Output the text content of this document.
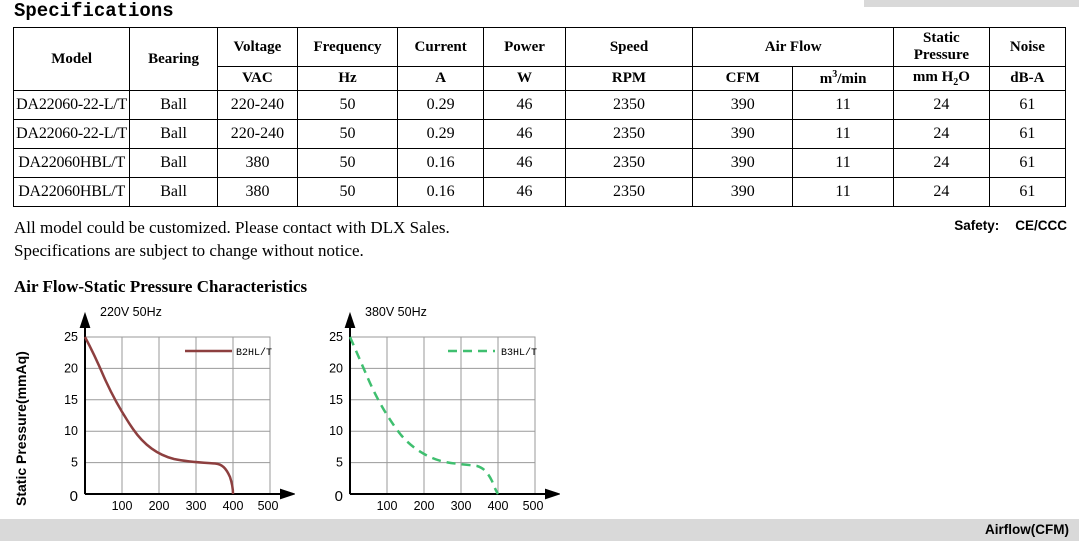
Specifications
Model	Bearing	Voltage	Frequency	Current	Power	Speed	Air Flow		Static Pressure	Noise
		VAC	Hz	A	W	RPM	CFM	$m^3/\min$	mm $H_2O$	dB-A
DA22060-22-L/T	Ball	220-240	50	0.29	46	2350	390	11	24	61
DA22060-22-L/T	Ball	220-240	50	0.29	46	2350	390	11	24	61
DA22060HBL/T	Ball	380	50	0.16	46	2350	390	11	24	61
DA22060HBL/T	Ball	380	50	0.16	46	2350	390	11	24	61
All model could be customized. Please contact with DLX Sales.
Specifications are subject to change without notice.
Safety: CE/CCC
Air Flow-Static Pressure Characteristics
Static Pressure(mmAq)
220V 50Hz
25
20
15
10
5
0
100 200 300 400 500
B2HL/T
380V 50Hz
25
20
15
10
5
0
100 200 300 400 500
B3HL/T
Airflow(CFM)
